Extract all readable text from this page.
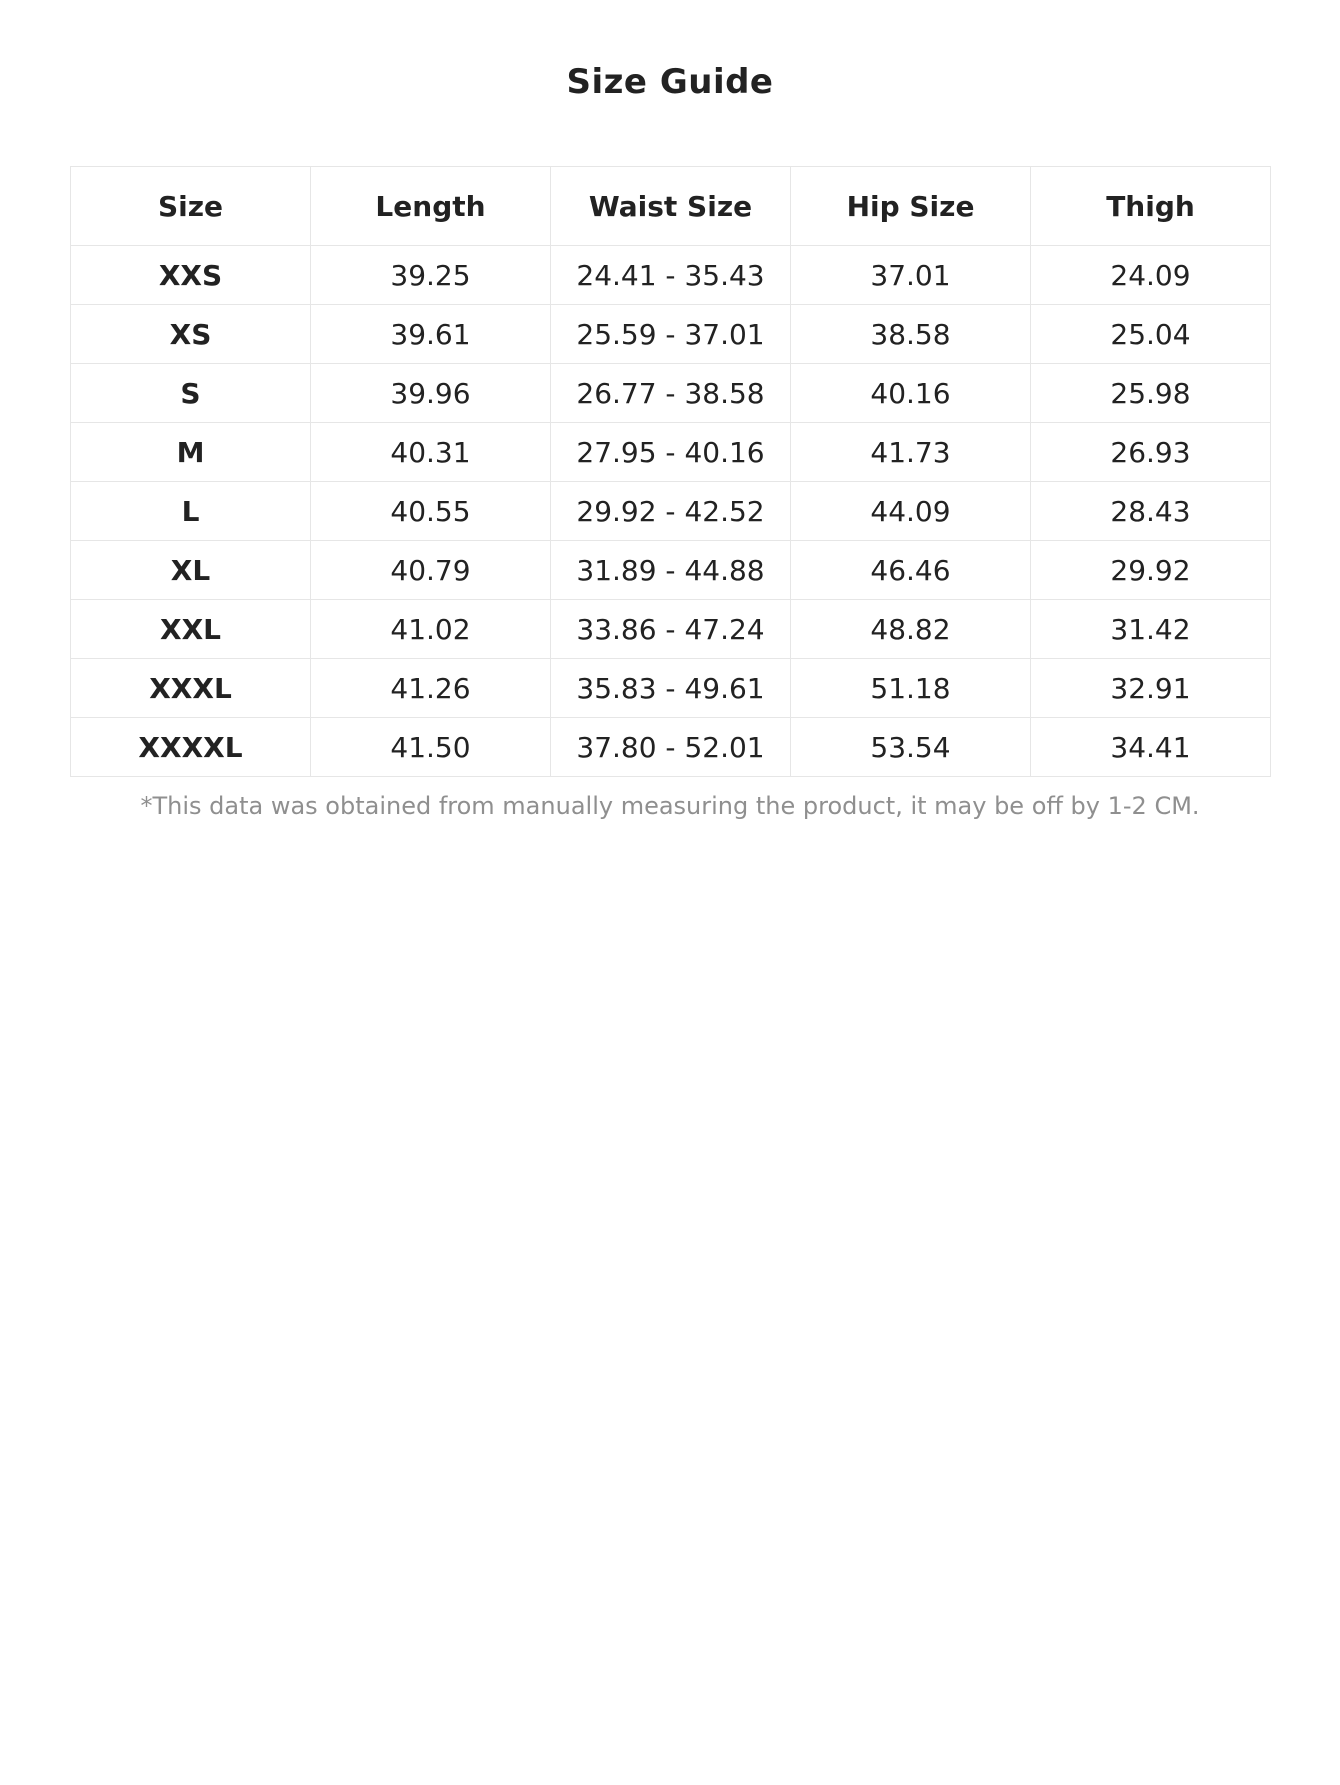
Size Guide
Size	Length	Waist Size	Hip Size	Thigh
XXS	39.25	24.41 - 35.43	37.01	24.09
XS	39.61	25.59 - 37.01	38.58	25.04
S	39.96	26.77 - 38.58	40.16	25.98
M	40.31	27.95 - 40.16	41.73	26.93
L	40.55	29.92 - 42.52	44.09	28.43
XL	40.79	31.89 - 44.88	46.46	29.92
XXL	41.02	33.86 - 47.24	48.82	31.42
XXXL	41.26	35.83 - 49.61	51.18	32.91
XXXXL	41.50	37.80 - 52.01	53.54	34.41
*This data was obtained from manually measuring the product, it may be off by 1-2 CM.
